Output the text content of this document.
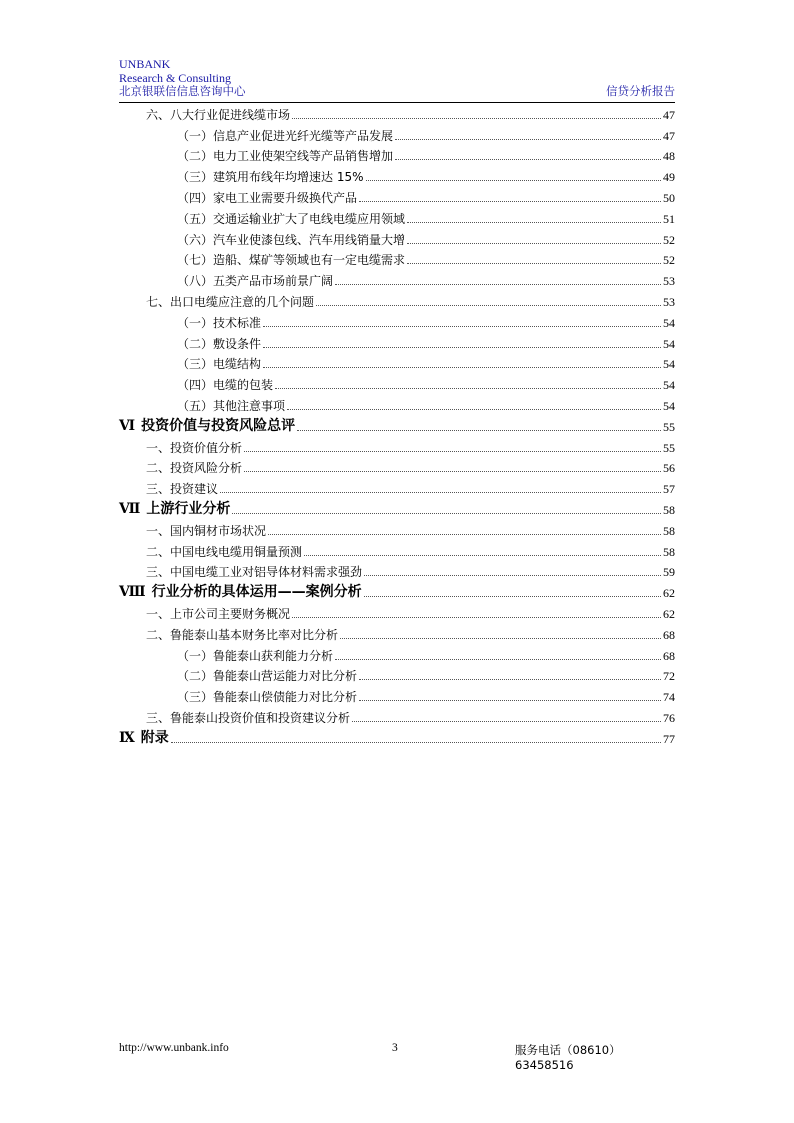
UNBANK
Research & Consulting
北京银联信信息咨询中心	信贷分析报告
六、八大行业促进线缆市场	47
（一）信息产业促进光纤光缆等产品发展	47
（二）电力工业使架空线等产品销售增加	48
（三）建筑用布线年均增速达 15%	49
（四）家电工业需要升级换代产品	50
（五）交通运输业扩大了电线电缆应用领域	51
（六）汽车业使漆包线、汽车用线销量大增	52
（七）造船、煤矿等领域也有一定电缆需求	52
（八）五类产品市场前景广阔	53
七、出口电缆应注意的几个问题	53
（一）技术标准	54
（二）敷设条件	54
（三）电缆结构	54
（四）电缆的包装	54
（五）其他注意事项	54
Ⅵ 投资价值与投资风险总评	55
一、投资价值分析	55
二、投资风险分析	56
三、投资建议	57
Ⅶ 上游行业分析	58
一、国内铜材市场状况	58
二、中国电线电缆用铜量预测	58
三、中国电缆工业对铝导体材料需求强劲	59
Ⅷ 行业分析的具体运用——案例分析	62
一、上市公司主要财务概况	62
二、鲁能泰山基本财务比率对比分析	68
（一）鲁能泰山获利能力分析	68
（二）鲁能泰山营运能力对比分析	72
（三）鲁能泰山偿债能力对比分析	74
三、鲁能泰山投资价值和投资建议分析	76
Ⅸ 附录	77
http://www.unbank.info	3	服务电话（08610）63458516
